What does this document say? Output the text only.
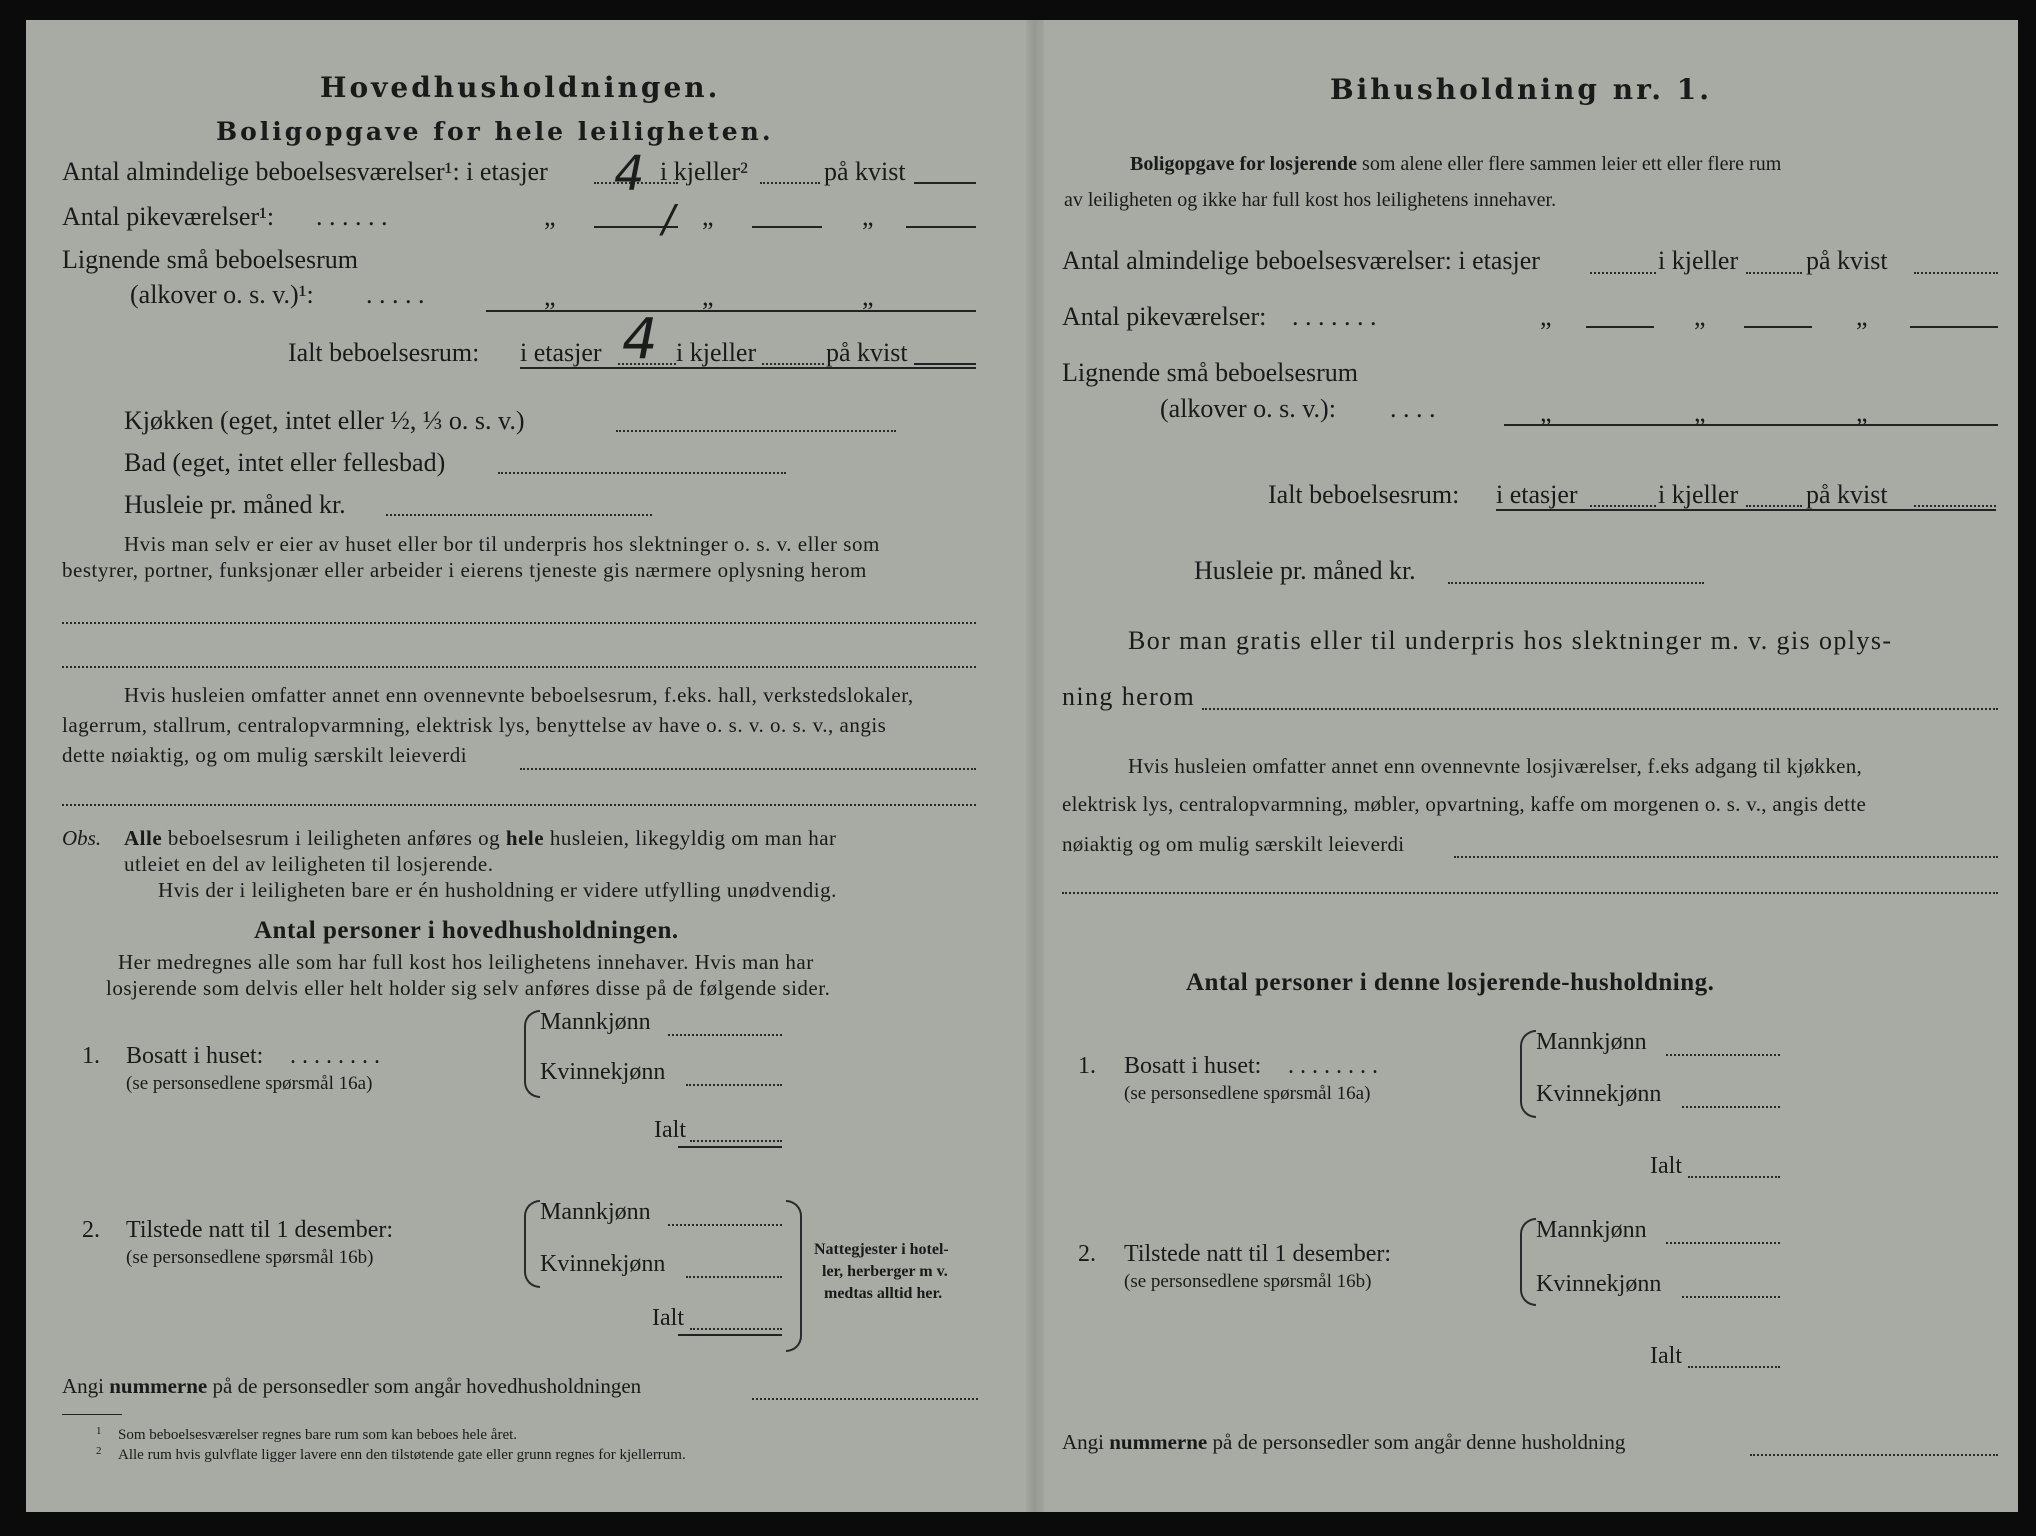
Hovedhusholdningen.
Boligopgave for hele leiligheten.
Antal almindelige beboelsesværelser¹: i etasjer 4 i kjeller²	på kvist
Antal pikeværelser¹: . . . . . .	„	/ „	„
Lignende små beboelsesrum
(alkover o. s. v.)¹: . . . . .	„	„	„
Ialt beboelsesrum: i etasjer 4 i kjeller	på kvist
Kjøkken (eget, intet eller ½, ⅓ o. s. v.)
Bad (eget, intet eller fellesbad)
Husleie pr. måned kr.
Hvis man selv er eier av huset eller bor til underpris hos slektninger o. s. v. eller som
bestyrer, portner, funksjonær eller arbeider i eierens tjeneste gis nærmere oplysning herom
Hvis husleien omfatter annet enn ovennevnte beboelsesrum, f.eks. hall, verkstedslokaler,
lagerrum, stallrum, centralopvarmning, elektrisk lys, benyttelse av have o. s. v. o. s. v., angis
dette nøiaktig, og om mulig særskilt leieverdi
Obs. Alle beboelsesrum i leiligheten anføres og hele husleien, likegyldig om man har
utleiet en del av leiligheten til losjerende.
Hvis der i leiligheten bare er én husholdning er videre utfylling unødvendig.
Antal personer i hovedhusholdningen.
Her medregnes alle som har full kost hos leilighetens innehaver. Hvis man har
losjerende som delvis eller helt holder sig selv anføres disse på de følgende sider.
1. Bosatt i huset: . . . . . . . .
(se personsedlene spørsmål 16a)
Mannkjønn
Kvinnekjønn
Ialt
2. Tilstede natt til 1 desember:
(se personsedlene spørsmål 16b)
Mannkjønn
Kvinnekjønn
Ialt
Nattegjester i hotel-
ler, herberger m v.
medtas alltid her.
Angi nummerne på de personsedler som angår hovedhusholdningen
1 Som beboelsesværelser regnes bare rum som kan beboes hele året.
2 Alle rum hvis gulvflate ligger lavere enn den tilstøtende gate eller grunn regnes for kjellerrum.
Bihusholdning nr. 1.
Boligopgave for losjerende som alene eller flere sammen leier ett eller flere rum
av leiligheten og ikke har full kost hos leilighetens innehaver.
Antal almindelige beboelsesværelser: i etasjer	i kjeller	på kvist
Antal pikeværelser: . . . . . . .	„	„	„
Lignende små beboelsesrum
(alkover o. s. v.): . . . .	„	„	„
Ialt beboelsesrum: i etasjer	i kjeller	på kvist
Husleie pr. måned kr.
Bor man gratis eller til underpris hos slektninger m. v. gis oplys-
ning herom
Hvis husleien omfatter annet enn ovennevnte losjiværelser, f.eks adgang til kjøkken,
elektrisk lys, centralopvarmning, møbler, opvartning, kaffe om morgenen o. s. v., angis dette
nøiaktig og om mulig særskilt leieverdi
Antal personer i denne losjerende-husholdning.
1. Bosatt i huset: . . . . . . . .
(se personsedlene spørsmål 16a)
Mannkjønn
Kvinnekjønn
Ialt
2. Tilstede natt til 1 desember:
(se personsedlene spørsmål 16b)
Mannkjønn
Kvinnekjønn
Ialt
Angi nummerne på de personsedler som angår denne husholdning
